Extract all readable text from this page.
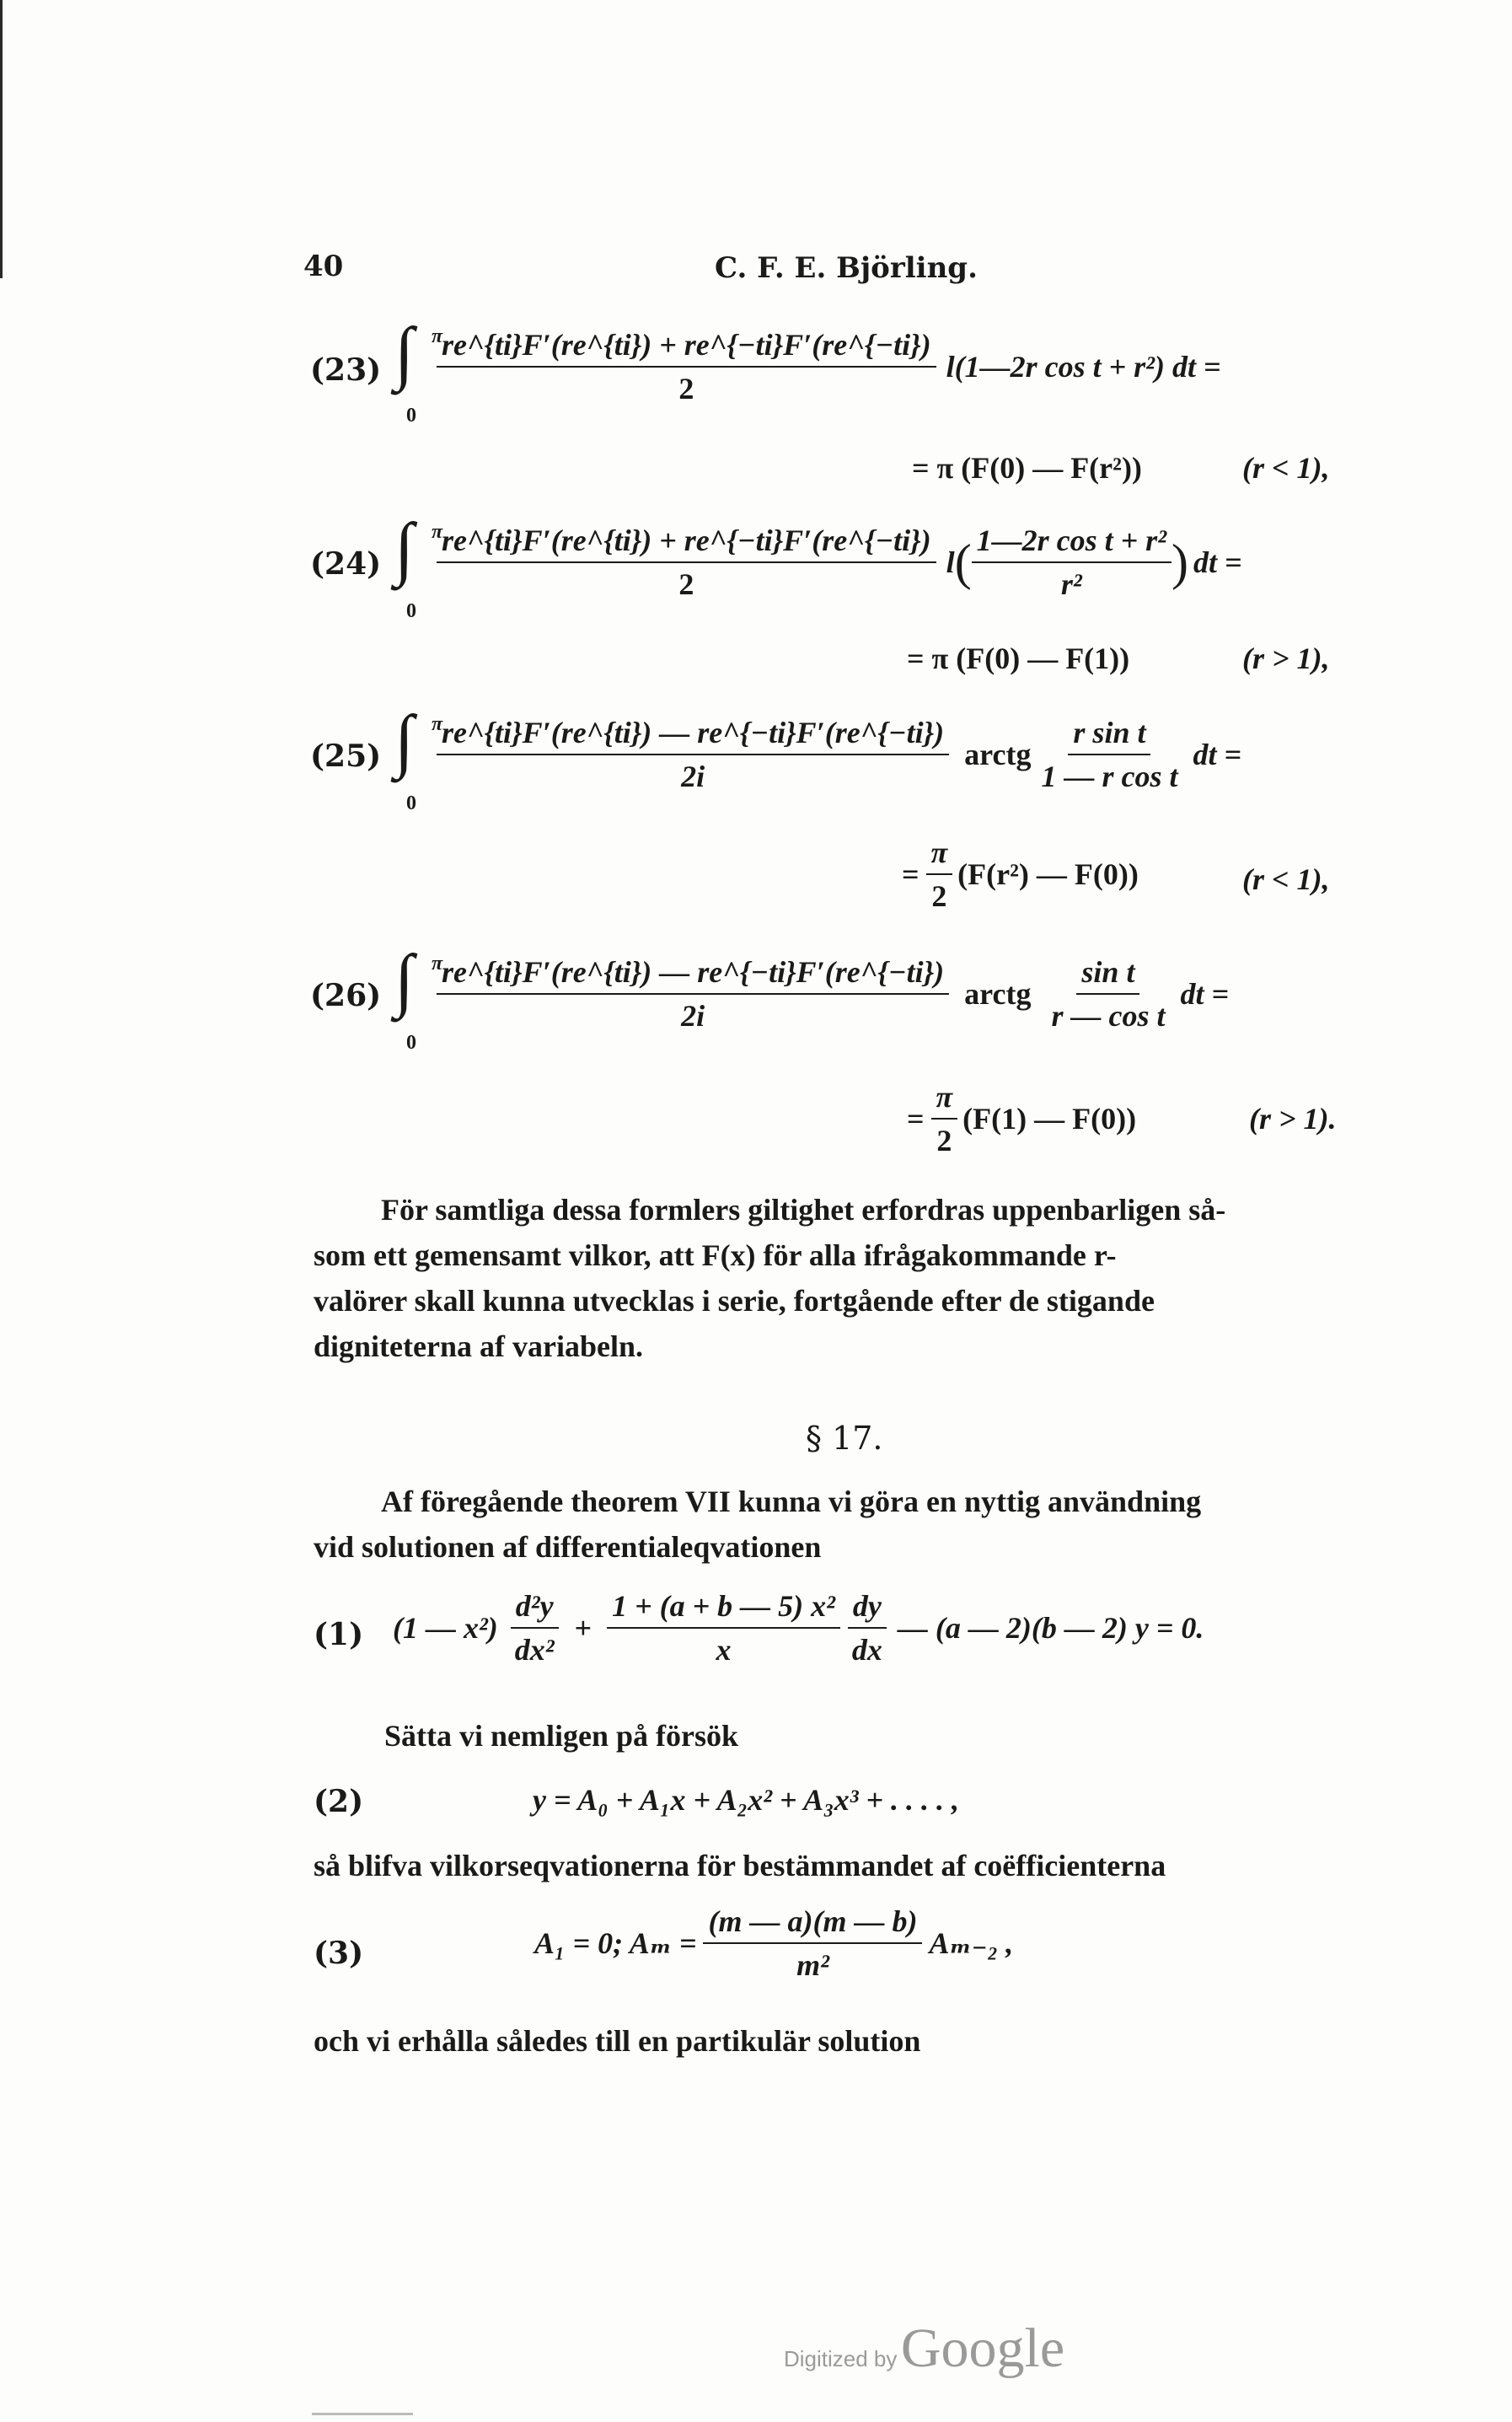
40	C. F. E. Björling.
(23) ∫ π
0
$\frac{re\^{}\{ti\}F'(re\^{}\{ti\}) + re\^{}\{-ti\}F'(re\^{}\{-ti\})}{2}$ l(1—2r cos t + r²) dt =
= π (F(0) — F(r²))	(r < 1),
(24) ∫ π
0
$\frac{re\^{}\{ti\}F'(re\^{}\{ti\}) + re\^{}\{-ti\}F'(re\^{}\{-ti\})}{2}$ l ( $\frac{\text{1—2r cos t + r²}}{\text{r²}}$ ) dt =
= π (F(0) — F(1))	(r > 1),
(25) ∫ π
0
$\frac{re\^{}\{ti\}F'(re\^{}\{ti\}) — re\^{}\{-ti\}F'(re\^{}\{-ti\})}{2i}$ arctg $\frac{\text{r sin t}}{\text{1 — r cos t}}$ dt =
= $\frac{\pi}{2} (F(r^2)$ — F(0))	(r < 1),
(26) ∫ π
0
$\frac{re\^{}\{ti\}F'(re\^{}\{ti\}) — re\^{}\{-ti\}F'(re\^{}\{-ti\})}{2i}$ arctg $\frac{\text{sin t}}{\text{r — cos t}}$ dt =
= $\frac{\pi}{2} (F(1)$ — F(0))	(r > 1).
För samtliga dessa formlers giltighet erfordras uppenbarligen så-
som ett gemensamt vilkor, att F(x) för alla ifrågakommande r-
valörer skall kunna utvecklas i serie, fortgående efter de stigande
digniteterna af variabeln.
§ 17.
Af föregående theorem VII kunna vi göra en nyttig användning
vid solutionen af differentialeqvationen
(1) (1 — $x^2) \frac{\text{d²y}}{\text{dx²}} + \frac{\text{1 + (a + b — 5) x²}}{x} \frac{dy}{dx}$ — (a — 2)(b — 2) y = 0.
Sätta vi nemligen på försök
(2)	y = A₀ + A₁x + A₂x² + A₃x³ + . . . . ,
så blifva vilkorseqvationerna för bestämmandet af coëfficienterna
(3)	A₁ = 0; $A_m = \frac{(m — a)(m — b)}{\text{m²}} A_{m-2}$ ,
och vi erhålla således till en partikulär solution
Digitized by Google
